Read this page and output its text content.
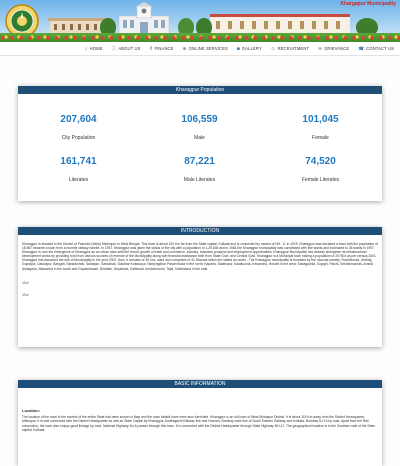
Khargapur Municipality
⌂ HOME ⓘ ABOUT US ₹ FINANCE ⊕ ONLINE SERVICES ◙ GALLERY ☺ RECRUITMENT ✉ GRIEVANCE ☎ CONTACT US
Kharagpur Population
207,604
City Population
106,559
Male
101,045
Female
161,741
Literates
87,221
Male Literates
74,520
Female Literates
INTRODUCTION

Kharagpur is situated in the District of Paschim (West) Medinipur in West Bengal. This town is about 120 Km far from the State capital, Kolkata and is connected by means of NH - 6. In 1919, Kharagpur was declared a town with the population of 18,957 became a town from a humble railway hamlet. In 1957, Kharagpur was given the status of the city with a population of 1,29,636 and in 1984,the Kharagpur municipality was constituted with five wards and increased to 35 wards in 1997. Kharagpur is now the emergence of Kharagpur as an urban town with the record growth of trade and commerce, industry, business prospect and employment opportunities, Kharagpur Municipality has already strengthen its infrastructural development works by providing fund from various sources of revenue of the Municipality along with financial assistance both from State Govt. and Central Govt. Kharagpur is a Municipal town having a population of 207604 as per census 2001. Kharagpur has assumed the role of Municipality in the year 2002. Now, it consists of 35 nos. ward and comprises of 31 Mouzas which are stated as under - The Kharagpur municipality is bounded by the mouzas namely, Ruchikunda, Jhatiraj, Gopalpur, Daulatpur, Barigari, Nandarchak, Sadatpur, Sahachak, Sokdhar Kotkaupur, Nimpingdhar Paschimuda in the north; Kaparia, Salabopur, Kalaikunda, Kesiarcha, Hosdhi in the west; Sabagachia, Gopgiri, Paichi, Srikrishnachak, Arandi, Amlagoria, Malancha in the south and Gopamhavati, Dhobani, Dosahiwa, Kalikhadi, Amdahi-tuolo, Tajdi, Kalichawra in the east.

Vlor

Vlor

BASIC INFORMATION
Location:

The location of the town in the context of the entire State has been shown in Map and the town details have been also furnished. Kharagpur is an old town of West Midnapur District. It is about 115 Km away from the District Headquarter. Midnapur. It is well connected with the District Headquarter as well as State Capital by Kharagpur-Santragachi Railway line and Howrah- Bombay main line of South Eastern Railway and Kolkata- Bombay N.H.6 by road. Apart from the Rail connection, the town also enjoys good linkage by road. National Highway No.6 passes through this town. It is connected with the District Headquarter through State Highway NH-47. The geographical location is in the Southern side of the State capital, Kolkata.
